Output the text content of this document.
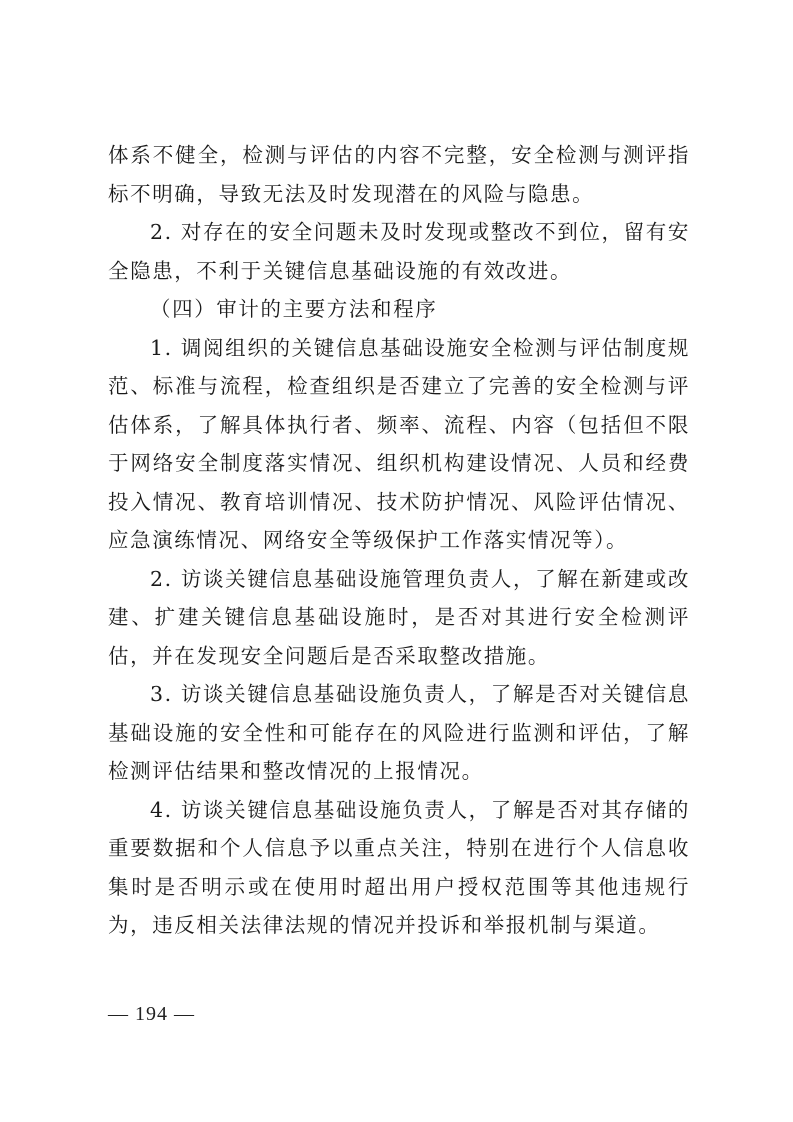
体系不健全，检测与评估的内容不完整，安全检测与测评指标不明确，导致无法及时发现潜在的风险与隐患。

2. 对存在的安全问题未及时发现或整改不到位，留有安全隐患，不利于关键信息基础设施的有效改进。

（四）审计的主要方法和程序

1. 调阅组织的关键信息基础设施安全检测与评估制度规范、标准与流程，检查组织是否建立了完善的安全检测与评估体系，了解具体执行者、频率、流程、内容（包括但不限于网络安全制度落实情况、组织机构建设情况、人员和经费投入情况、教育培训情况、技术防护情况、风险评估情况、应急演练情况、网络安全等级保护工作落实情况等）。

2. 访谈关键信息基础设施管理负责人，了解在新建或改建、扩建关键信息基础设施时，是否对其进行安全检测评估，并在发现安全问题后是否采取整改措施。

3. 访谈关键信息基础设施负责人，了解是否对关键信息基础设施的安全性和可能存在的风险进行监测和评估，了解检测评估结果和整改情况的上报情况。

4. 访谈关键信息基础设施负责人，了解是否对其存储的重要数据和个人信息予以重点关注，特别在进行个人信息收集时是否明示或在使用时超出用户授权范围等其他违规行为，违反相关法律法规的情况并投诉和举报机制与渠道。

— 194 —
